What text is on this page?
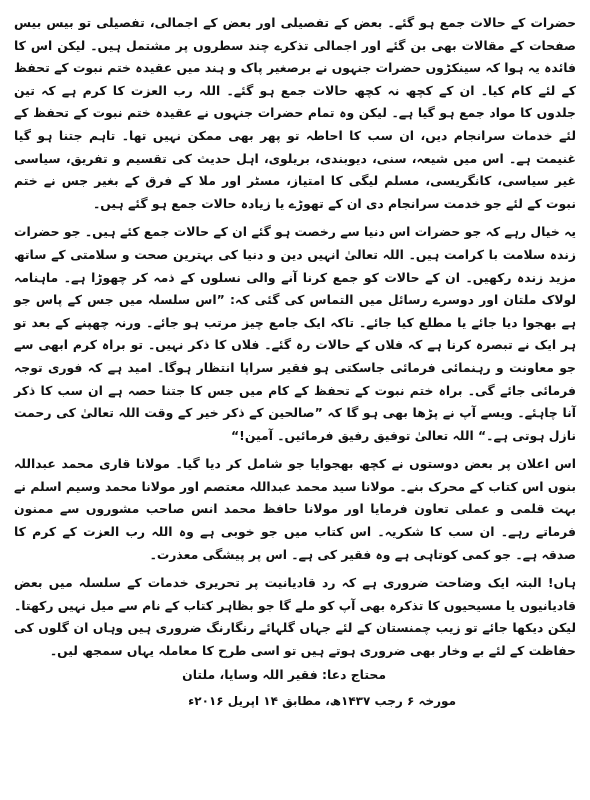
حضرات کے حالات جمع ہو گئے۔ بعض کے تفصیلی اور بعض کے اجمالی، تفصیلی تو بیس بیس صفحات کے مقالات بھی بن گئے اور اجمالی تذکرے چند سطروں پر مشتمل ہیں۔ لیکن اس کا فائدہ یہ ہوا کہ سینکڑوں حضرات جنہوں نے برصغیر پاک و ہند میں عقیدہ ختم نبوت کے تحفظ کے لئے کام کیا۔ ان کے کچھ نہ کچھ حالات جمع ہو گئے۔ اللہ رب العزت کا کرم ہے کہ تین جلدوں کا مواد جمع ہو گیا ہے۔ لیکن وہ تمام حضرات جنہوں نے عقیدہ ختم نبوت کے تحفظ کے لئے خدمات سرانجام دیں، ان سب کا احاطہ تو پھر بھی ممکن نہیں تھا۔ تاہم جتنا ہو گیا غنیمت ہے۔ اس میں شیعہ، سنی، دیوبندی، بریلوی، اہل حدیث کی تقسیم و تفریق، سیاسی غیر سیاسی، کانگریسی، مسلم لیگی کا امتیاز، مسٹر اور ملا کے فرق کے بغیر جس نے ختم نبوت کے لئے جو خدمت سرانجام دی ان کے تھوڑے یا زیادہ حالات جمع ہو گئے ہیں۔

یہ خیال رہے کہ جو حضرات اس دنیا سے رخصت ہو گئے ان کے حالات جمع کئے ہیں۔ جو حضرات زندہ سلامت با کرامت ہیں۔ اللہ تعالیٰ انہیں دین و دنیا کی بہترین صحت و سلامتی کے ساتھ مزید زندہ رکھیں۔ ان کے حالات کو جمع کرنا آنے والی نسلوں کے ذمہ کر چھوڑا ہے۔ ماہنامہ لولاک ملتان اور دوسرے رسائل میں التماس کی گئی کہ: ”اس سلسلہ میں جس کے پاس جو ہے بھجوا دیا جائے یا مطلع کیا جائے۔ تاکہ ایک جامع چیز مرتب ہو جائے۔ ورنہ چھپنے کے بعد تو ہر ایک نے تبصرہ کرنا ہے کہ فلاں کے حالات رہ گئے۔ فلاں کا ذکر نہیں۔ تو براہ کرم ابھی سے جو معاونت و رہنمائی فرمائی جاسکتی ہو فقیر سراپا انتظار ہوگا۔ امید ہے کہ فوری توجہ فرمائی جائے گی۔ براہ ختم نبوت کے تحفظ کے کام میں جس کا جتنا حصہ ہے ان سب کا ذکر آنا چاہئے۔ ویسے آپ نے پڑھا بھی ہو گا کہ ”صالحین کے ذکر خیر کے وقت اللہ تعالیٰ کی رحمت نازل ہوتی ہے۔“ اللہ تعالیٰ توفیق رفیق فرمائیں۔ آمین!“

اس اعلان پر بعض دوستوں نے کچھ بھجوایا جو شامل کر دیا گیا۔ مولانا قاری محمد عبداللہ بنوں اس کتاب کے محرک بنے۔ مولانا سید محمد عبداللہ معتصم اور مولانا محمد وسیم اسلم نے بہت قلمی و عملی تعاون فرمایا اور مولانا حافظ محمد انس صاحب مشوروں سے ممنون فرماتے رہے۔ ان سب کا شکریہ۔ اس کتاب میں جو خوبی ہے وہ اللہ رب العزت کے کرم کا صدقہ ہے۔ جو کمی کوتاہی ہے وہ فقیر کی ہے۔ اس پر پیشگی معذرت۔

ہاں! البتہ ایک وضاحت ضروری ہے کہ رد قادیانیت پر تحریری خدمات کے سلسلہ میں بعض قادیانیوں یا مسیحیوں کا تذکرہ بھی آپ کو ملے گا جو بظاہر کتاب کے نام سے میل نہیں رکھتا۔ لیکن دیکھا جائے تو زیب چمنستان کے لئے جہاں گلہائے رنگارنگ ضروری ہیں وہاں ان گلوں کی حفاظت کے لئے بے وخار بھی ضروری ہوتے ہیں تو اسی طرح کا معاملہ یہاں سمجھ لیں۔

محتاج دعا: فقیر اللہ وسایا، ملتان
مورخہ ۶ رجب ۱۴۳۷ھ، مطابق ۱۴ اپریل ۲۰۱۶ء
